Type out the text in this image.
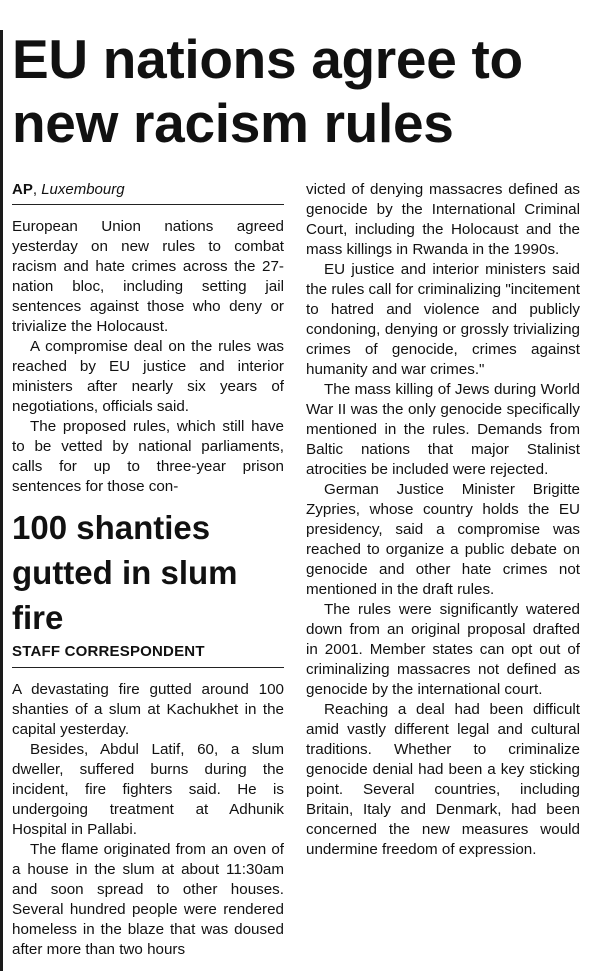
EU nations agree to new racism rules
AP, Luxembourg

European Union nations agreed yesterday on new rules to combat racism and hate crimes across the 27-nation bloc, including setting jail sentences against those who deny or trivialize the Holocaust.

A compromise deal on the rules was reached by EU justice and interior ministers after nearly six years of negotiations, officials said.

The proposed rules, which still have to be vetted by national parliaments, calls for up to three-year prison sentences for those con-

100 shanties gutted in slum fire
STAFF CORRESPONDENT

A devastating fire gutted around 100 shanties of a slum at Kachukhet in the capital yesterday.

Besides, Abdul Latif, 60, a slum dweller, suffered burns during the incident, fire fighters said. He is undergoing treatment at Adhunik Hospital in Pallabi.

The flame originated from an oven of a house in the slum at about 11:30am and soon spread to other houses. Several hundred people were rendered homeless in the blaze that was doused after more than two hours

victed of denying massacres defined as genocide by the International Criminal Court, including the Holocaust and the mass killings in Rwanda in the 1990s.

EU justice and interior ministers said the rules call for criminalizing "incitement to hatred and violence and publicly condoning, denying or grossly trivializing crimes of genocide, crimes against humanity and war crimes."

The mass killing of Jews during World War II was the only genocide specifically mentioned in the rules. Demands from Baltic nations that major Stalinist atrocities be included were rejected.

German Justice Minister Brigitte Zypries, whose country holds the EU presidency, said a compromise was reached to organize a public debate on genocide and other hate crimes not mentioned in the draft rules.

The rules were significantly watered down from an original proposal drafted in 2001. Member states can opt out of criminalizing massacres not defined as genocide by the international court.

Reaching a deal had been difficult amid vastly different legal and cultural traditions. Whether to criminalize genocide denial had been a key sticking point. Several countries, including Britain, Italy and Denmark, had been concerned the new measures would undermine freedom of expression.
